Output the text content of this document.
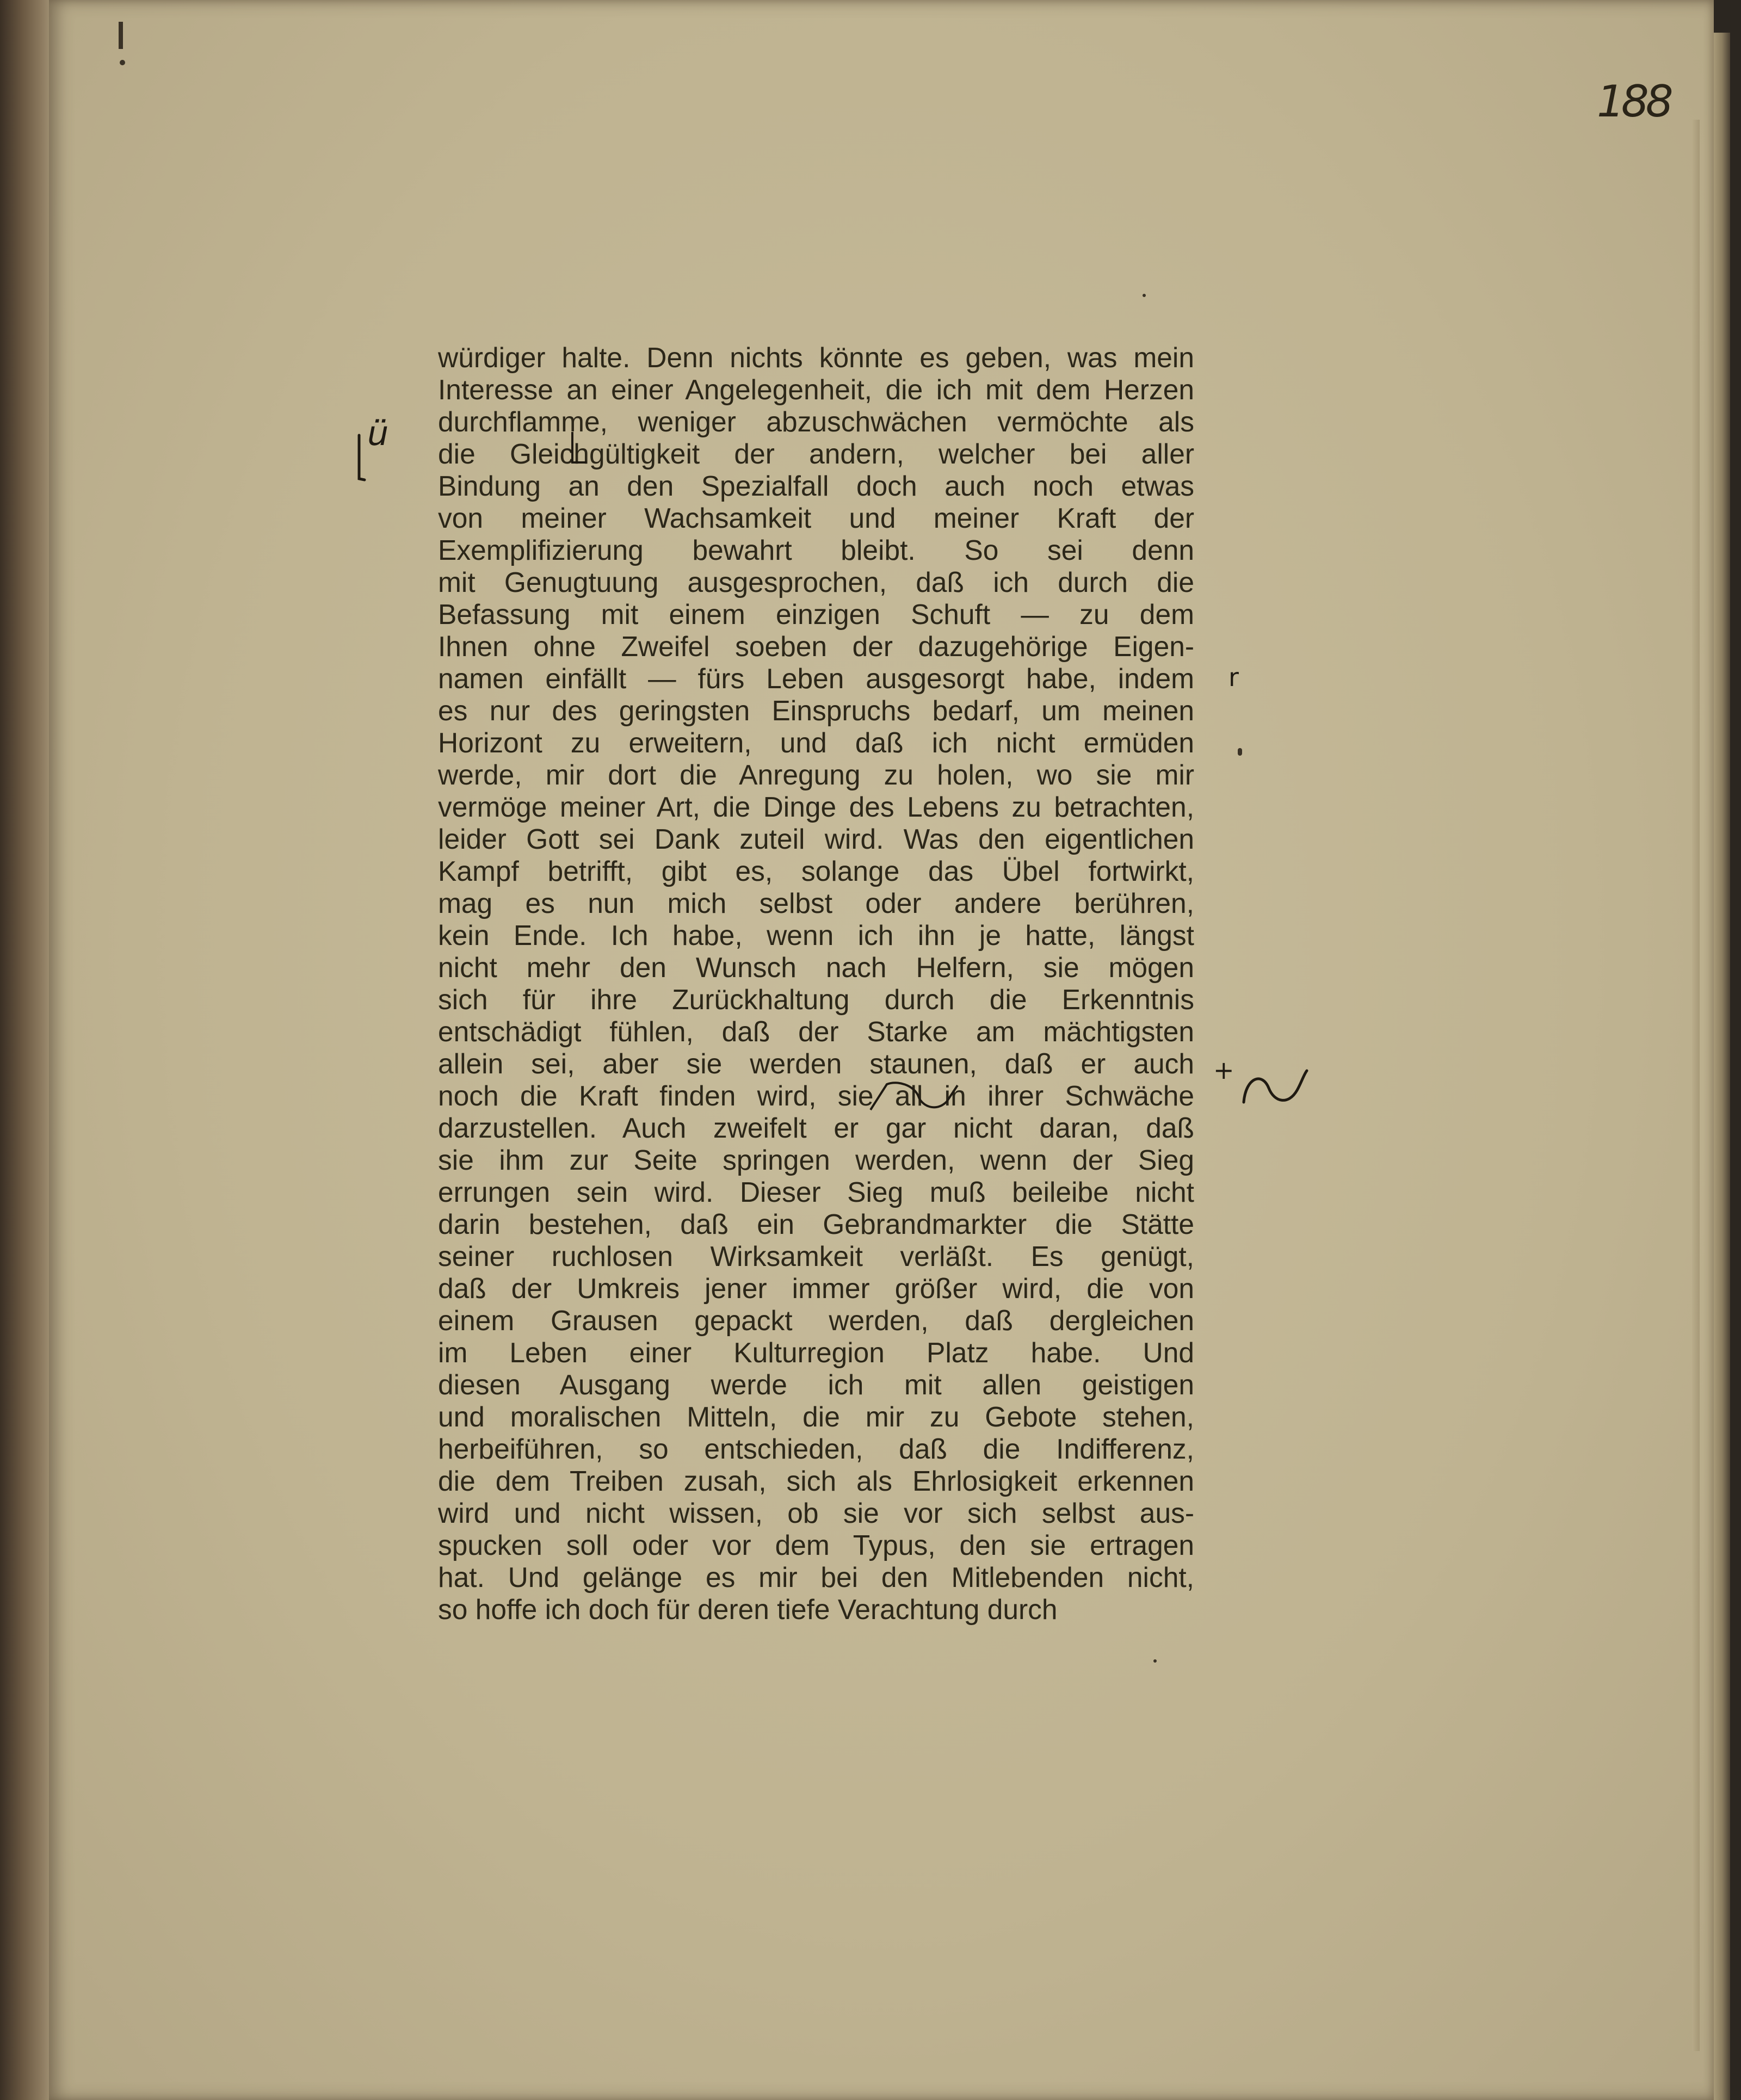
188
würdiger halte. Denn nichts könnte es geben, was mein
Interesse an einer Angelegenheit, die ich mit dem Herzen
durchflamme, weniger abzuschwächen vermöchte als
die Gleichgültigkeit der andern, welcher bei aller
Bindung an den Spezialfall doch auch noch etwas
von meiner Wachsamkeit und meiner Kraft der
Exemplifizierung bewahrt bleibt. So sei denn
mit Genugtuung ausgesprochen, daß ich durch die
Befassung mit einem einzigen Schuft — zu dem
Ihnen ohne Zweifel soeben der dazugehörige Eigen-
namen einfällt — fürs Leben ausgesorgt habe, indem
es nur des geringsten Einspruchs bedarf, um meinen
Horizont zu erweitern, und daß ich nicht ermüden
werde, mir dort die Anregung zu holen, wo sie mir
vermöge meiner Art, die Dinge des Lebens zu betrachten,
leider Gott sei Dank zuteil wird. Was den eigentlichen
Kampf betrifft, gibt es, solange das Übel fortwirkt,
mag es nun mich selbst oder andere berühren,
kein Ende. Ich habe, wenn ich ihn je hatte, längst
nicht mehr den Wunsch nach Helfern, sie mögen
sich für ihre Zurückhaltung durch die Erkenntnis
entschädigt fühlen, daß der Starke am mächtigsten
allein sei, aber sie werden staunen, daß er auch
noch die Kraft finden wird, sie all in ihrer Schwäche
darzustellen. Auch zweifelt er gar nicht daran, daß
sie ihm zur Seite springen werden, wenn der Sieg
errungen sein wird. Dieser Sieg muß beileibe nicht
darin bestehen, daß ein Gebrandmarkter die Stätte
seiner ruchlosen Wirksamkeit verläßt. Es genügt,
daß der Umkreis jener immer größer wird, die von
einem Grausen gepackt werden, daß dergleichen
im Leben einer Kulturregion Platz habe. Und
diesen Ausgang werde ich mit allen geistigen
und moralischen Mitteln, die mir zu Gebote stehen,
herbeiführen, so entschieden, daß die Indifferenz,
die dem Treiben zusah, sich als Ehrlosigkeit erkennen
wird und nicht wissen, ob sie vor sich selbst aus-
spucken soll oder vor dem Typus, den sie ertragen
hat. Und gelänge es mir bei den Mitlebenden nicht,
so hoffe ich doch für deren tiefe Verachtung durch
ü
r
+
